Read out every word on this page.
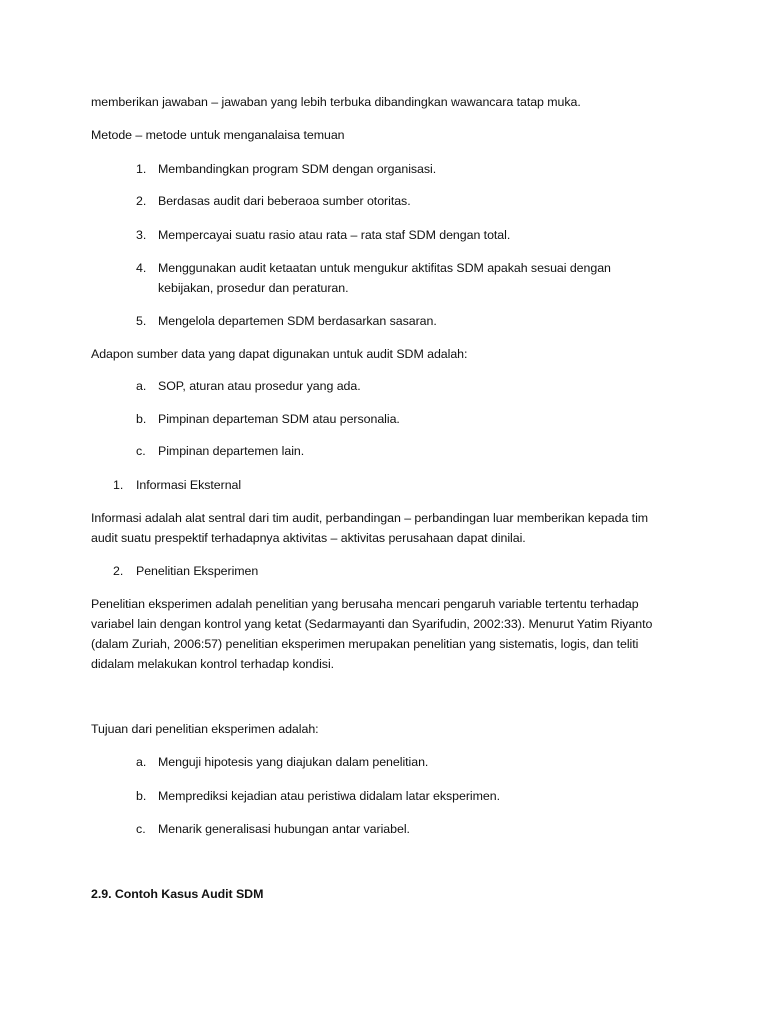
memberikan jawaban – jawaban yang lebih terbuka dibandingkan wawancara tatap muka.
Metode – metode untuk menganalaisa temuan
1. Membandingkan program SDM dengan organisasi.
2. Berdasas audit dari beberaoa sumber otoritas.
3. Mempercayai suatu rasio atau rata – rata staf SDM dengan total.
4. Menggunakan audit ketaatan untuk mengukur aktifitas SDM apakah sesuai dengan
kebijakan, prosedur dan peraturan.
5. Mengelola departemen SDM berdasarkan sasaran.
Adapon sumber data yang dapat digunakan untuk audit SDM adalah:
a. SOP, aturan atau prosedur yang ada.
b. Pimpinan departeman SDM atau personalia.
c. Pimpinan departemen lain.
1. Informasi Eksternal
Informasi adalah alat sentral dari tim audit, perbandingan – perbandingan luar memberikan kepada tim
audit suatu prespektif terhadapnya aktivitas – aktivitas perusahaan dapat dinilai.
2. Penelitian Eksperimen
Penelitian eksperimen adalah penelitian yang berusaha mencari pengaruh variable tertentu terhadap
variabel lain dengan kontrol yang ketat (Sedarmayanti dan Syarifudin, 2002:33). Menurut Yatim Riyanto
(dalam Zuriah, 2006:57) penelitian eksperimen merupakan penelitian yang sistematis, logis, dan teliti
didalam melakukan kontrol terhadap kondisi.
Tujuan dari penelitian eksperimen adalah:
a. Menguji hipotesis yang diajukan dalam penelitian.
b. Memprediksi kejadian atau peristiwa didalam latar eksperimen.
c. Menarik generalisasi hubungan antar variabel.
2.9. Contoh Kasus Audit SDM
